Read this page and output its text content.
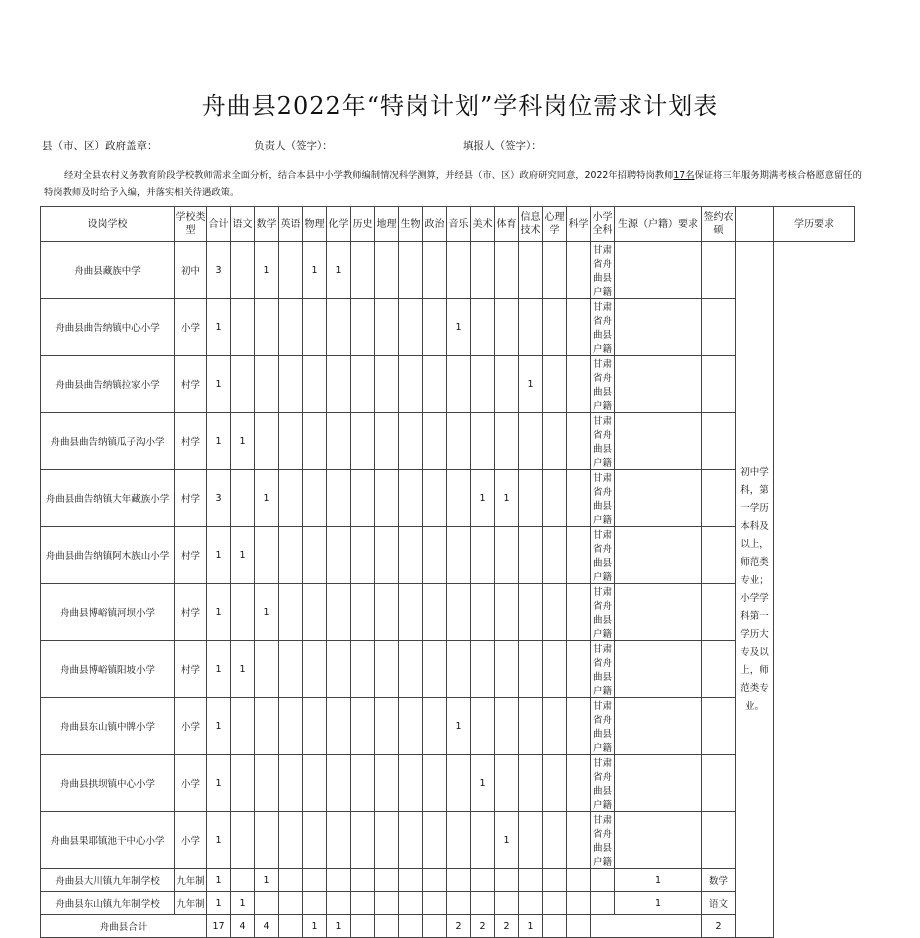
舟曲县2022年“特岗计划”学科岗位需求计划表
县（市、区）政府盖章：	负责人（签字）：	填报人（签字）：
经对全县农村义务教育阶段学校教师需求全面分析，结合本县中小学教师编制情况科学测算，并经县（市、区）政府研究同意，2022年招聘特岗教师17名保证将三年服务期满考核合格愿意留任的特岗教师及时给予入编，并落实相关待遇政策。
设岗学校	学校类型	合计	语文	数学	英语	物理	化学	历史	地理	生物	政治	音乐	美术	体育	信息技术	心理学	科学	小学全科	生源（户籍）要求	签约农硕		学历要求
舟曲县藏族中学	初中	3		1		1	1											甘肃省舟曲县户籍			初中学科，第一学历本科及以上，师范类专业；小学学科第一学历大专及以上，师范类专业。	
舟曲县曲告纳镇中心小学	小学	1										1						甘肃省舟曲县户籍				
舟曲县曲告纳镇拉家小学	村学	1													1			甘肃省舟曲县户籍				
舟曲县曲告纳镇瓜子沟小学	村学	1	1															甘肃省舟曲县户籍				
舟曲县曲告纳镇大年藏族小学	村学	3		1									1	1				甘肃省舟曲县户籍				
舟曲县曲告纳镇阿木族山小学	村学	1	1															甘肃省舟曲县户籍				
舟曲县博峪镇河坝小学	村学	1		1														甘肃省舟曲县户籍				
舟曲县博峪镇阳坡小学	村学	1	1															甘肃省舟曲县户籍				
舟曲县东山镇中牌小学	小学	1										1						甘肃省舟曲县户籍				
舟曲县拱坝镇中心小学	小学	1											1					甘肃省舟曲县户籍				
舟曲县果耶镇池干中心小学	小学	1												1				甘肃省舟曲县户籍				
舟曲县大川镇九年制学校	九年制	1		1															1	数学		
舟曲县东山镇九年制学校	九年制	1	1																1	语文		
舟曲县合计		17	4	4		1	1					2	2	2	1					2		
